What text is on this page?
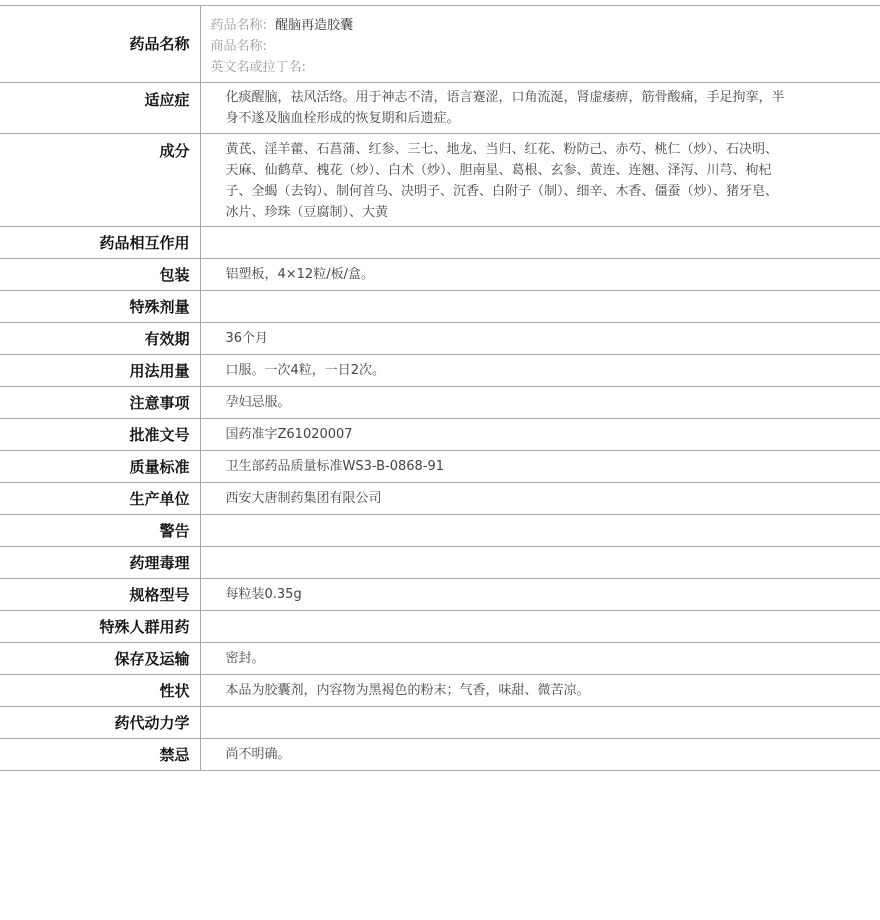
药品名称	药品名称: 醒脑再造胶囊
商品名称:
英文名或拉丁名:

适应症	化痰醒脑，祛风活络。用于神志不清，语言蹇涩，口角流涎，肾虚痿痹，筋骨酸痛，手足拘挛，半身不遂及脑血栓形成的恢复期和后遗症。
成分	黄芪、淫羊藿、石菖蒲、红参、三七、地龙、当归、红花、粉防己、赤芍、桃仁（炒）、石决明、天麻、仙鹤草、槐花（炒）、白术（炒）、胆南星、葛根、玄参、黄连、连翘、泽泻、川芎、枸杞子、全蝎（去钩）、制何首乌、决明子、沉香、白附子（制）、细辛、木香、僵蚕（炒）、猪牙皂、冰片、珍珠（豆腐制）、大黄
药品相互作用	
包装	铝塑板，4×12粒/板/盒。
特殊剂量	
有效期	36个月
用法用量	口服。一次4粒，一日2次。
注意事项	孕妇忌服。
批准文号	国药准字Z61020007
质量标准	卫生部药品质量标准WS3-B-0868-91
生产单位	西安大唐制药集团有限公司
警告	
药理毒理	
规格型号	每粒装0.35g
特殊人群用药	
保存及运输	密封。
性状	本品为胶囊剂，内容物为黑褐色的粉末；气香，味甜、微苦凉。
药代动力学	
禁忌	尚不明确。
